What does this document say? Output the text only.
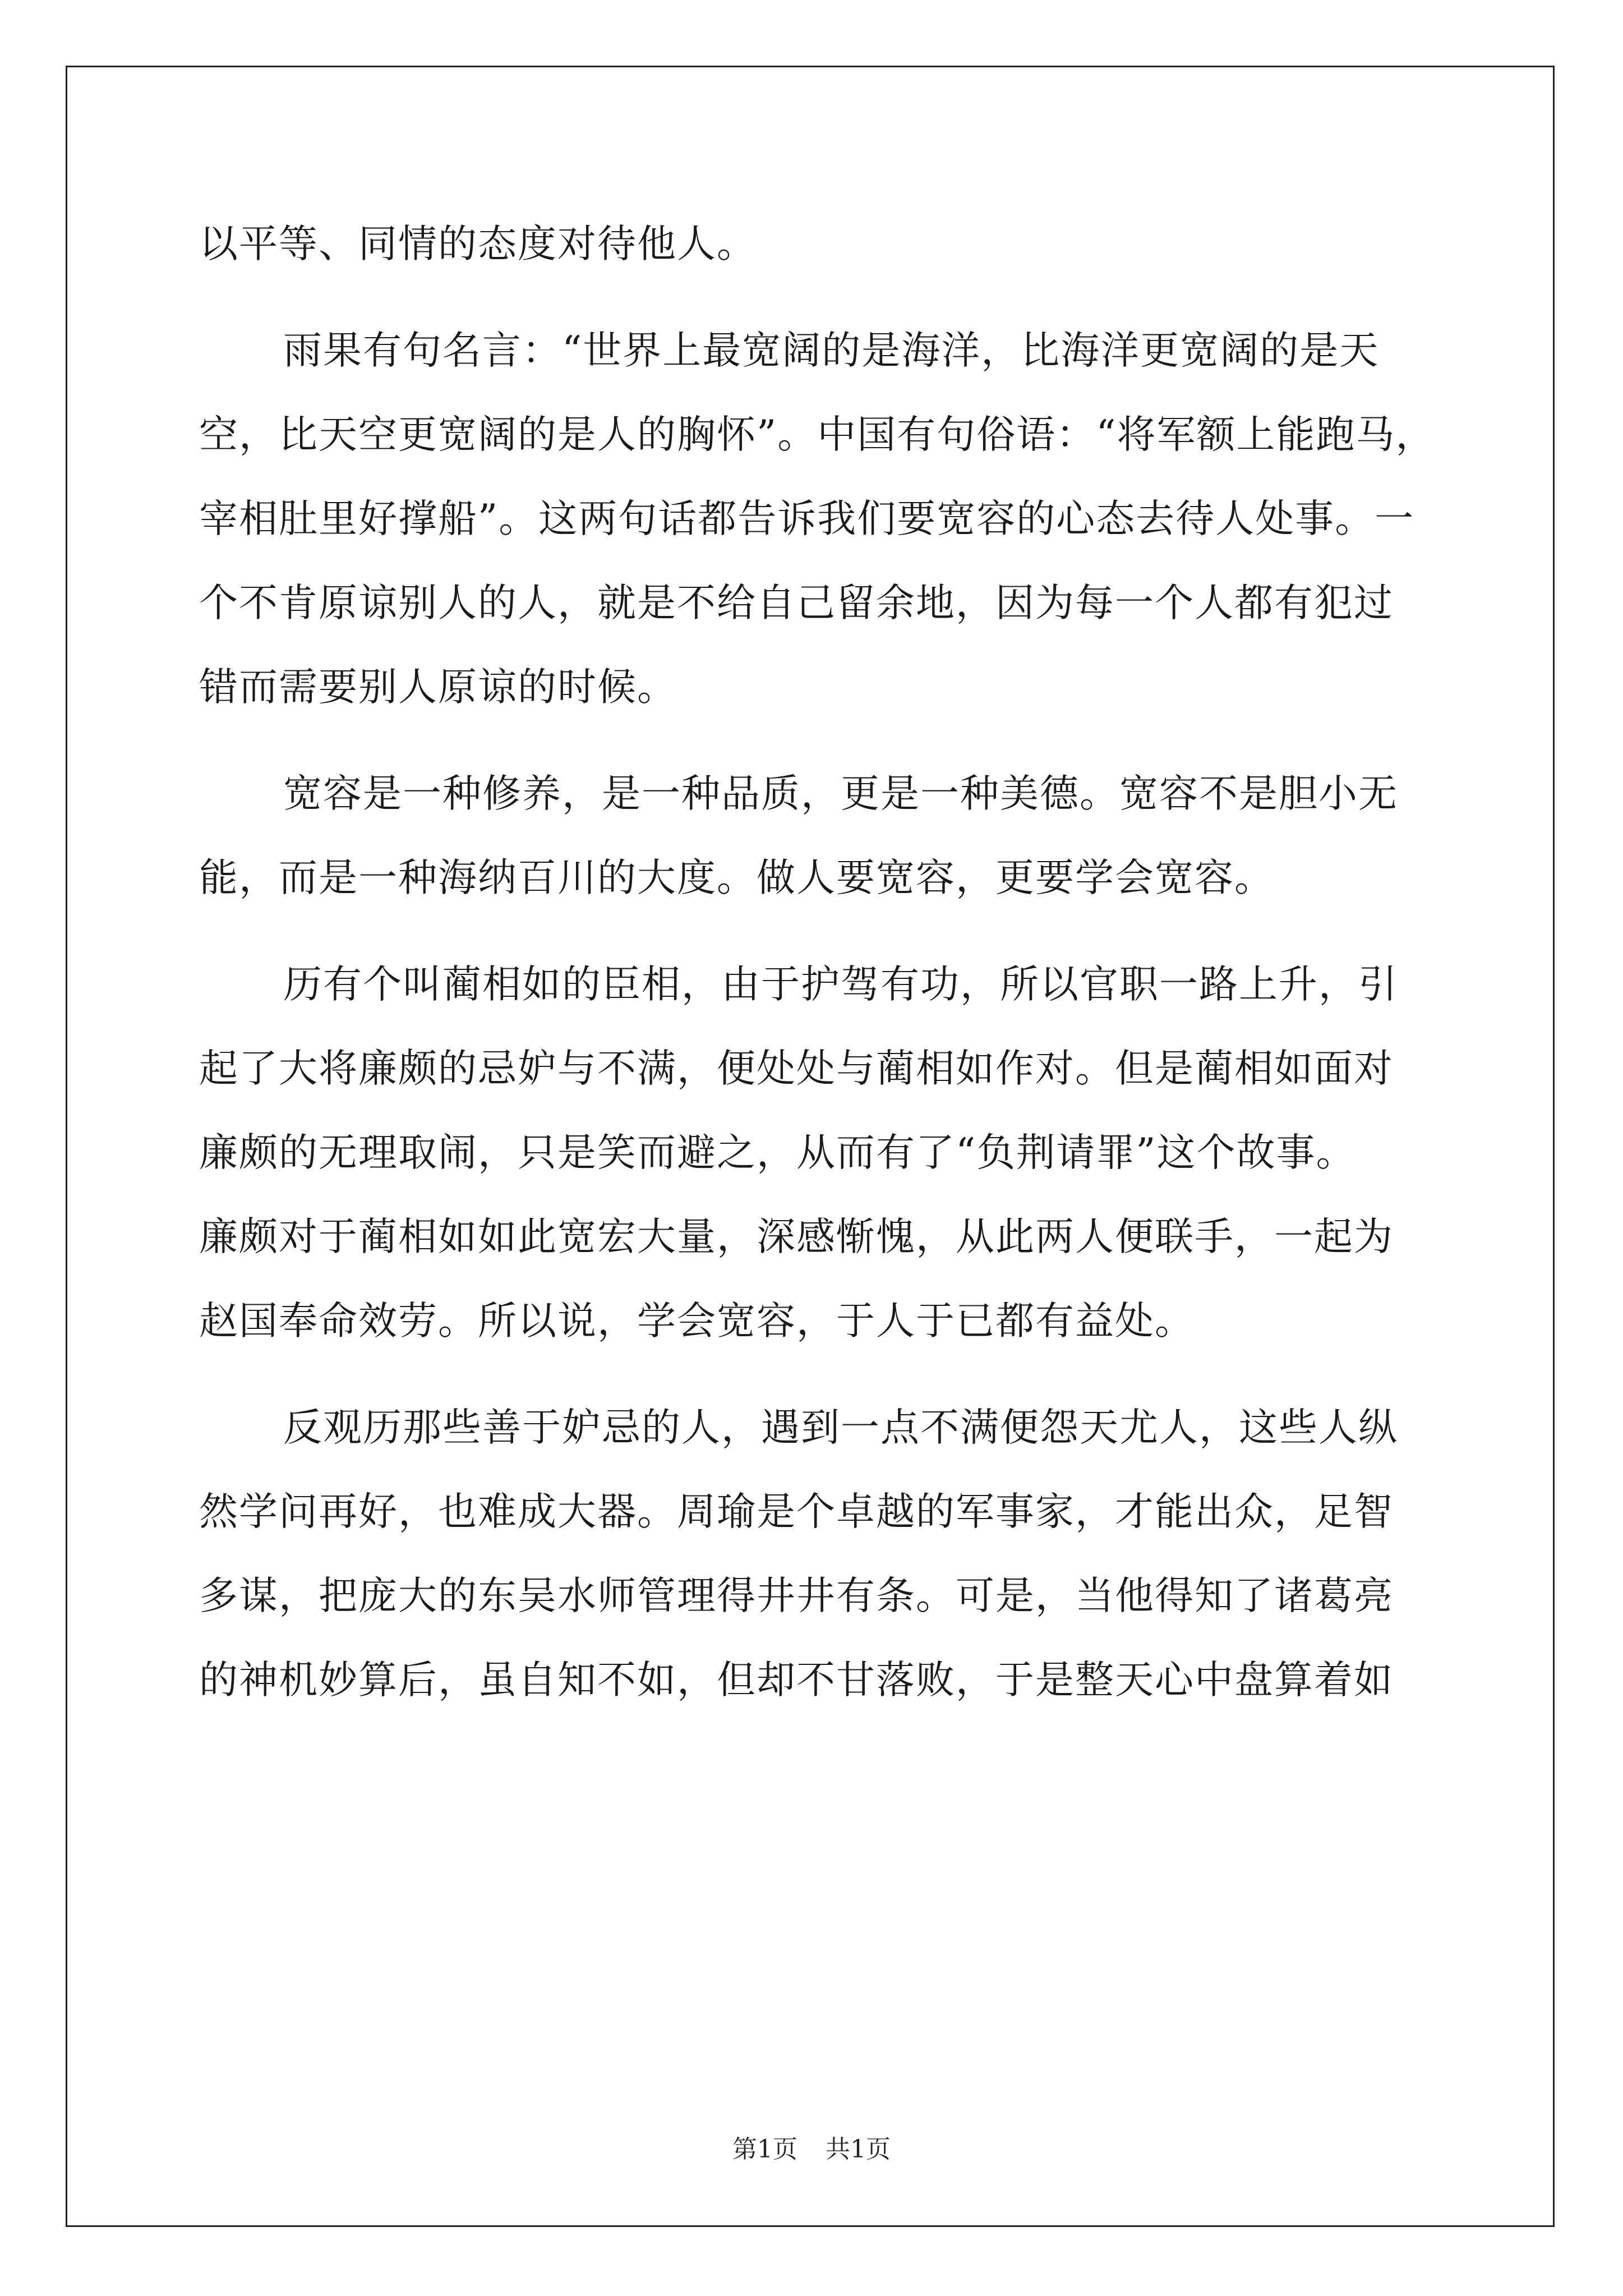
以平等、同情的态度对待他人。
雨果有句名言：“世界上最宽阔的是海洋，比海洋更宽阔的是天
空，比天空更宽阔的是人的胸怀”。中国有句俗语：“将军额上能跑马，
宰相肚里好撑船”。这两句话都告诉我们要宽容的心态去待人处事。一
个不肯原谅别人的人，就是不给自己留余地，因为每一个人都有犯过
错而需要别人原谅的时候。
宽容是一种修养，是一种品质，更是一种美德。宽容不是胆小无
能，而是一种海纳百川的大度。做人要宽容，更要学会宽容。
历有个叫蔺相如的臣相，由于护驾有功，所以官职一路上升，引
起了大将廉颇的忌妒与不满，便处处与蔺相如作对。但是蔺相如面对
廉颇的无理取闹，只是笑而避之，从而有了“负荆请罪”这个故事。
廉颇对于蔺相如如此宽宏大量，深感惭愧，从此两人便联手，一起为
赵国奉命效劳。所以说，学会宽容，于人于已都有益处。
反观历那些善于妒忌的人，遇到一点不满便怨天尤人，这些人纵
然学问再好，也难成大器。周瑜是个卓越的军事家，才能出众，足智
多谋，把庞大的东吴水师管理得井井有条。可是，当他得知了诸葛亮
的神机妙算后，虽自知不如，但却不甘落败，于是整天心中盘算着如
第1页 共1页
